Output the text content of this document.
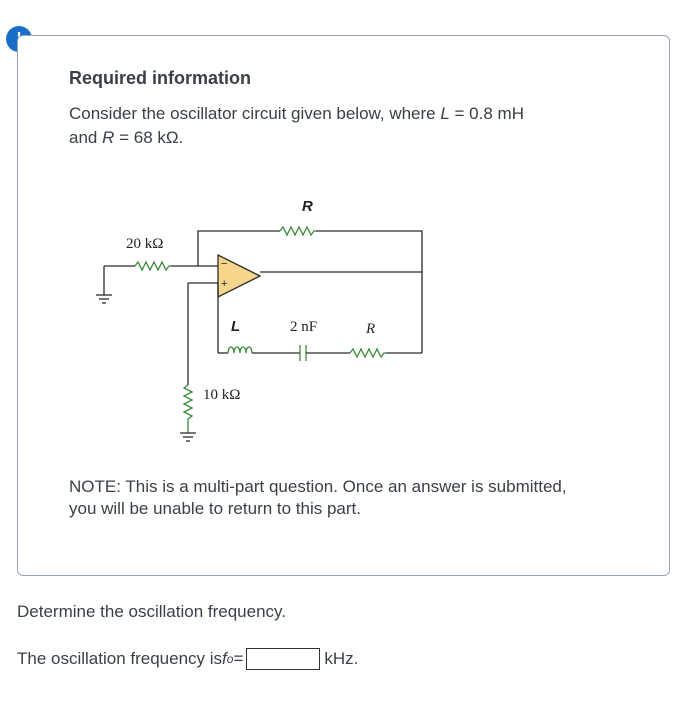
Required information
Consider the oscillator circuit given below, where L = 0.8 mH
and R = 68 kΩ.
20 kΩ
R
L	2 nF	R
10 kΩ
−
+
NOTE: This is a multi-part question. Once an answer is submitted, you will be unable to return to this part.
Determine the oscillation frequency.
The oscillation frequency is f o =	kHz.
